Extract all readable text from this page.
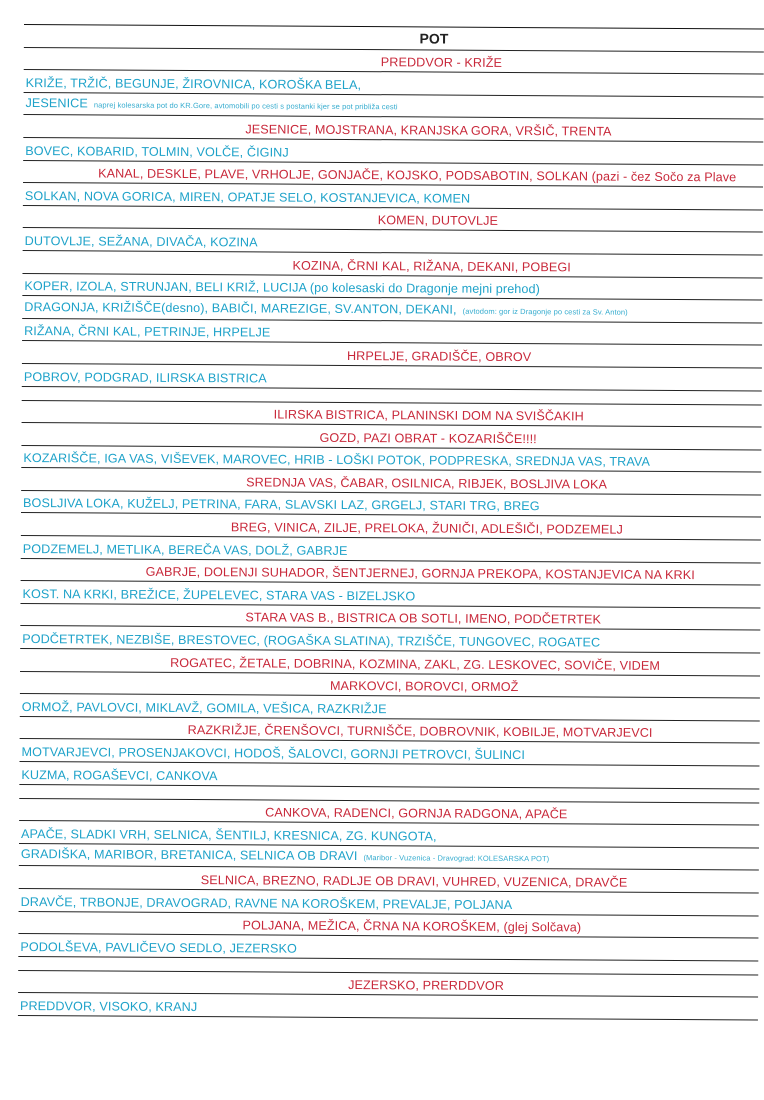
POT
PREDDVOR - KRIŽE
KRIŽE, TRŽIČ, BEGUNJE, ŽIROVNICA, KOROŠKA BELA,
JESENICE naprej kolesarska pot do KR.Gore, avtomobili po cesti s postanki kjer se pot približa cesti
JESENICE, MOJSTRANA, KRANJSKA GORA, VRŠIČ, TRENTA
BOVEC, KOBARID, TOLMIN, VOLČE, ČIGINJ
KANAL, DESKLE, PLAVE, VRHOLJE, GONJAČE, KOJSKO, PODSABOTIN, SOLKAN (pazi - čez Sočo za Plave
SOLKAN, NOVA GORICA, MIREN, OPATJE SELO, KOSTANJEVICA, KOMEN
KOMEN, DUTOVLJE
DUTOVLJE, SEŽANA, DIVAČA, KOZINA
KOZINA, ČRNI KAL, RIŽANA, DEKANI, POBEGI
KOPER, IZOLA, STRUNJAN, BELI KRIŽ, LUCIJA (po kolesaski do Dragonje mejni prehod)
DRAGONJA, KRIŽIŠČE(desno), BABIČI, MAREZIGE, SV.ANTON, DEKANI, (avtodom: gor iz Dragonje po cesti za Sv. Anton)
RIŽANA, ČRNI KAL, PETRINJE, HRPELJE
HRPELJE, GRADIŠČE, OBROV
POBROV, PODGRAD, ILIRSKA BISTRICA
ILIRSKA BISTRICA, PLANINSKI DOM NA SVIŠČAKIH
GOZD, PAZI OBRAT - KOZARIŠČE!!!!
KOZARIŠČE, IGA VAS, VIŠEVEK, MAROVEC, HRIB - LOŠKI POTOK, PODPRESKA, SREDNJA VAS, TRAVA
SREDNJA VAS, ČABAR, OSILNICA, RIBJEK, BOSLJIVA LOKA
BOSLJIVA LOKA, KUŽELJ, PETRINA, FARA, SLAVSKI LAZ, GRGELJ, STARI TRG, BREG
BREG, VINICA, ZILJE, PRELOKA, ŽUNIČI, ADLEŠIČI, PODZEMELJ
PODZEMELJ, METLIKA, BEREČA VAS, DOLŽ, GABRJE
GABRJE, DOLENJI SUHADOR, ŠENTJERNEJ, GORNJA PREKOPA, KOSTANJEVICA NA KRKI
KOST. NA KRKI, BREŽICE, ŽUPELEVEC, STARA VAS - BIZELJSKO
STARA VAS B., BISTRICA OB SOTLI, IMENO, PODČETRTEK
PODČETRTEK, NEZBIŠE, BRESTOVEC, (ROGAŠKA SLATINA), TRZIŠČE, TUNGOVEC, ROGATEC
ROGATEC, ŽETALE, DOBRINA, KOZMINA, ZAKL, ZG. LESKOVEC, SOVIČE, VIDEM
MARKOVCI, BOROVCI, ORMOŽ
ORMOŽ, PAVLOVCI, MIKLAVŽ, GOMILA, VEŠICA, RAZKRIŽJE
RAZKRIŽJE, ČRENŠOVCI, TURNIŠČE, DOBROVNIK, KOBILJE, MOTVARJEVCI
MOTVARJEVCI, PROSENJAKOVCI, HODOŠ, ŠALOVCI, GORNJI PETROVCI, ŠULINCI
KUZMA, ROGAŠEVCI, CANKOVA
CANKOVA, RADENCI, GORNJA RADGONA, APAČE
APAČE, SLADKI VRH, SELNICA, ŠENTILJ, KRESNICA, ZG. KUNGOTA,
GRADIŠKA, MARIBOR, BRETANICA, SELNICA OB DRAVI (Maribor - Vuzenica - Dravograd: KOLESARSKA POT)
SELNICA, BREZNO, RADLJE OB DRAVI, VUHRED, VUZENICA, DRAVČE
DRAVČE, TRBONJE, DRAVOGRAD, RAVNE NA KOROŠKEM, PREVALJE, POLJANA
POLJANA, MEŽICA, ČRNA NA KOROŠKEM, (glej Solčava)
PODOLŠEVA, PAVLIČEVO SEDLO, JEZERSKO
JEZERSKO, PRERDDVOR
PREDDVOR, VISOKO, KRANJ
